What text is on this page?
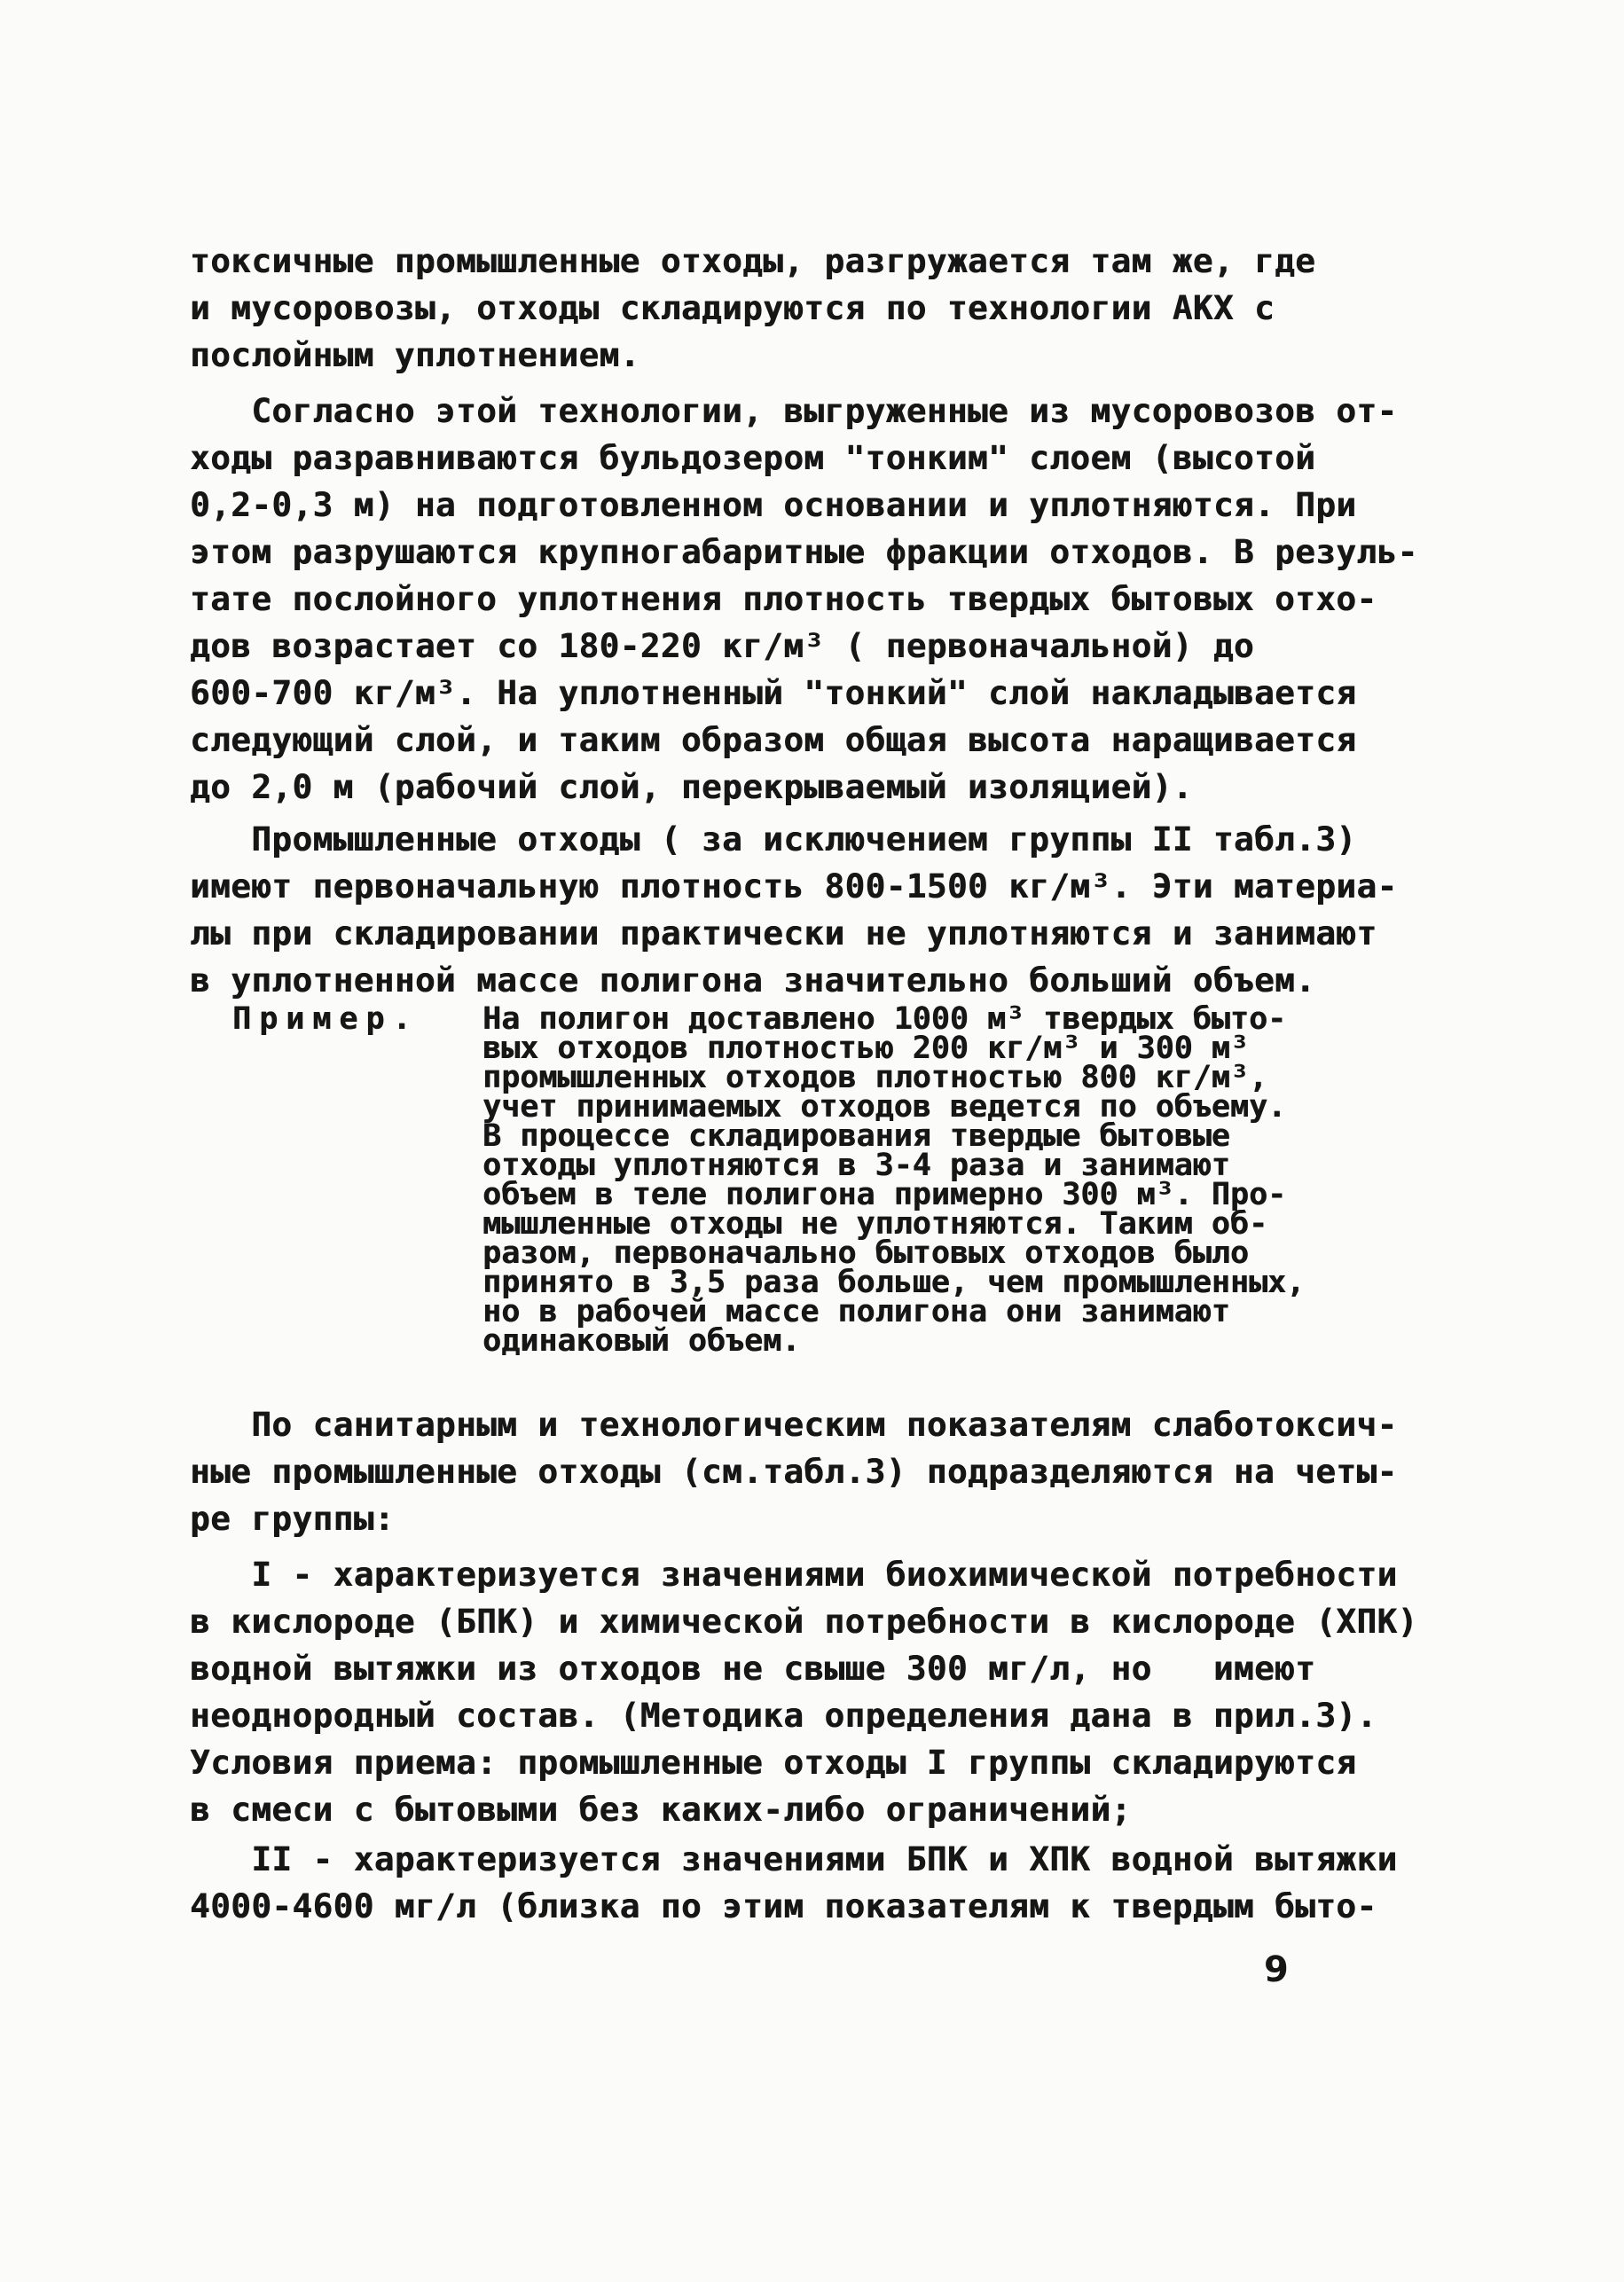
токсичные промышленные отходы, разгружается там же, где
и мусоровозы, отходы складируются по технологии АКХ с
послойным уплотнением.
Согласно этой технологии, выгруженные из мусоровозов от-
ходы разравниваются бульдозером "тонким" слоем (высотой
0,2-0,3 м) на подготовленном основании и уплотняются. При
этом разрушаются крупногабаритные фракции отходов. В резуль-
тате послойного уплотнения плотность твердых бытовых отхо-
дов возрастает со 180-220 кг/м³ ( первоначальной) до
600-700 кг/м³. На уплотненный "тонкий" слой накладывается
следующий слой, и таким образом общая высота наращивается
до 2,0 м (рабочий слой, перекрываемый изоляцией).
Промышленные отходы ( за исключением группы II табл.3)
имеют первоначальную плотность 800-1500 кг/м³. Эти материа-
лы при складировании практически не уплотняются и занимают
в уплотненной массе полигона значительно больший объем.
Пример. На полигон доставлено 1000 м³ твердых быто-
вых отходов плотностью 200 кг/м³ и 300 м³
промышленных отходов плотностью 800 кг/м³,
учет принимаемых отходов ведется по объему.
В процессе складирования твердые бытовые
отходы уплотняются в 3-4 раза и занимают
объем в теле полигона примерно 300 м³. Про-
мышленные отходы не уплотняются. Таким об-
разом, первоначально бытовых отходов было
принято в 3,5 раза больше, чем промышленных,
но в рабочей массе полигона они занимают
одинаковый объем.
По санитарным и технологическим показателям слаботоксич-
ные промышленные отходы (см.табл.3) подразделяются на четы-
ре группы:
I - характеризуется значениями биохимической потребности
в кислороде (БПК) и химической потребности в кислороде (ХПК)
водной вытяжки из отходов не свыше 300 мг/л, но   имеют
неоднородный состав. (Методика определения дана в прил.3).
Условия приема: промышленные отходы I группы складируются
в смеси с бытовыми без каких-либо ограничений;
II - характеризуется значениями БПК и ХПК водной вытяжки
4000-4600 мг/л (близка по этим показателям к твердым быто-
9
